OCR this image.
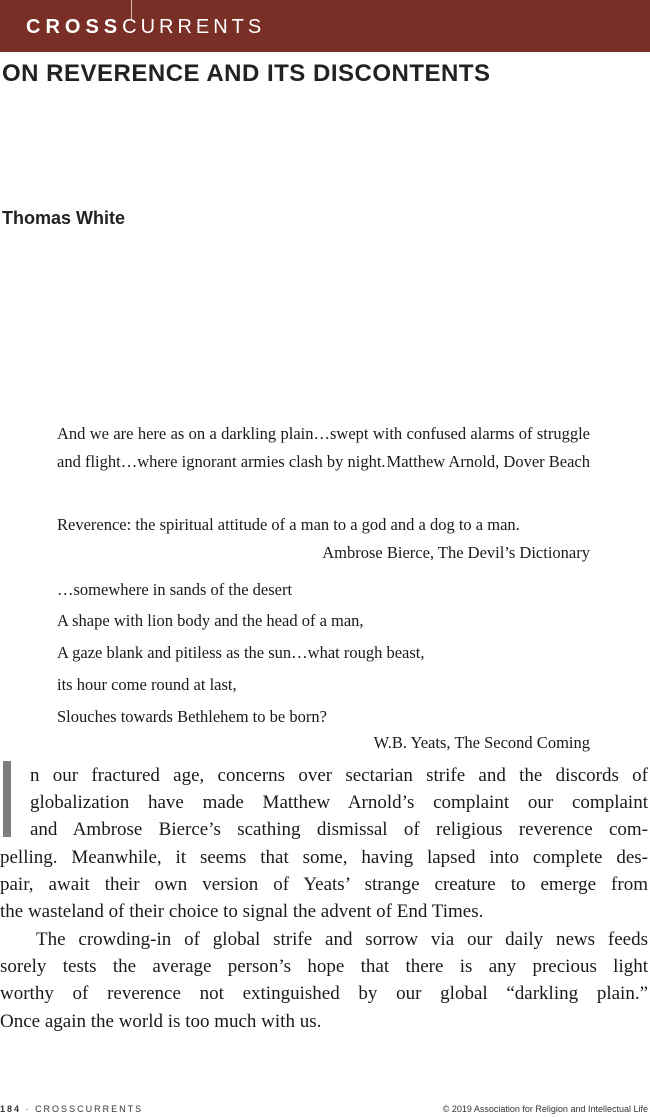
CROSSCURRENTS

ON REVERENCE AND ITS DISCONTENTS

Thomas White

And we are here as on a darkling plain…swept with confused alarms of struggle and flight…where ignorant armies clash by night. Matthew Arnold, Dover Beach

Reverence: the spiritual attitude of a man to a god and a dog to a man.
Ambrose Bierce, The Devil’s Dictionary

…somewhere in sands of the desert

A shape with lion body and the head of a man,

A gaze blank and pitiless as the sun…what rough beast,

its hour come round at last,

Slouches towards Bethlehem to be born?

W.B. Yeats, The Second Coming

n our fractured age, concerns over sectarian strife and the discords of

globalization have made Matthew Arnold’s complaint our complaint

and Ambrose Bierce’s scathing dismissal of religious reverence com-

pelling. Meanwhile, it seems that some, having lapsed into complete des-

pair, await their own version of Yeats’ strange creature to emerge from

the wasteland of their choice to signal the advent of End Times.

The crowding-in of global strife and sorrow via our daily news feeds

sorely tests the average person’s hope that there is any precious light

worthy of reverence not extinguished by our global “darkling plain.”

Once again the world is too much with us.

184 · CROSSCURRENTS	© 2019 Association for Religion and Intellectual Life
